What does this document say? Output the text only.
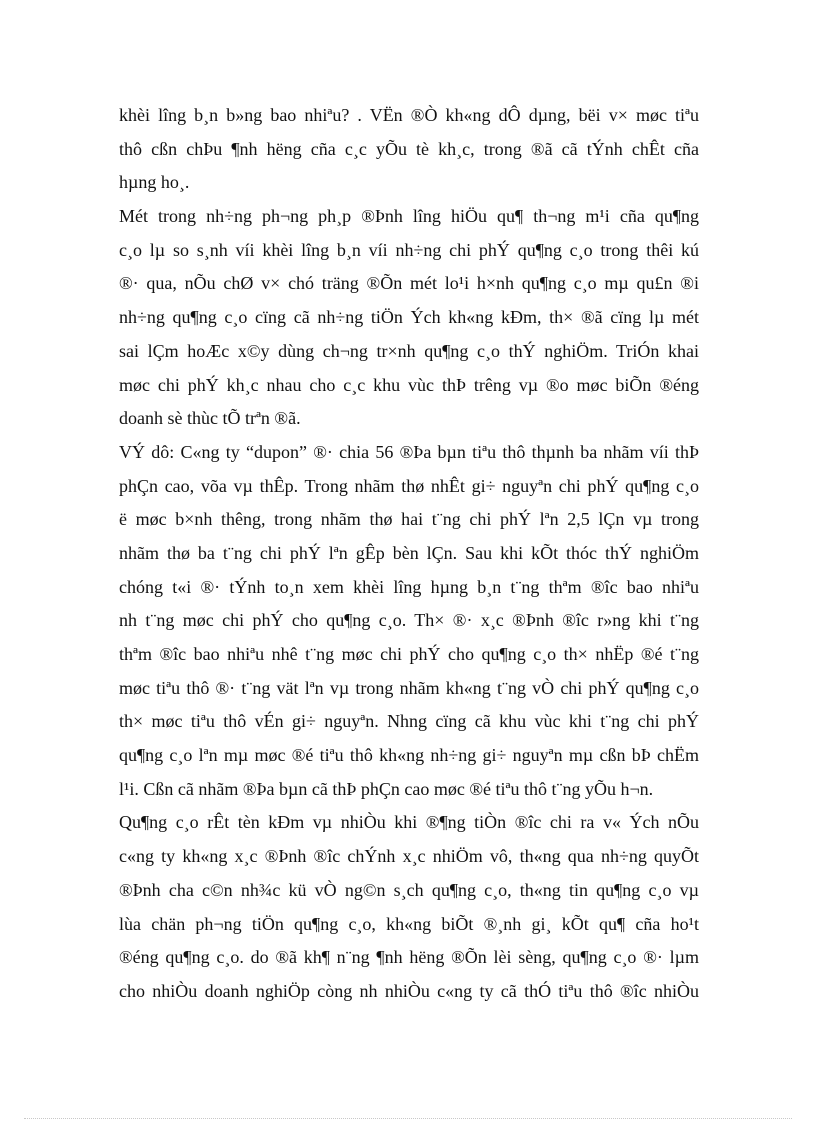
khèi lîng b¸n b»ng bao nhiªu? . VËn ®Ò kh«ng dÔ dµng, bëi v× møc tiªu
thô cßn chÞu ¶nh hëng cña c¸c yÕu tè kh¸c, trong ®ã cã tÝnh chÊt cña
hµng ho¸.
Mét trong nh÷ng ph¬ng ph¸p ®Þnh lîng hiÖu qu¶ th¬ng m¹i cña qu¶ng
c¸o lµ so s¸nh víi khèi lîng b¸n víi nh÷ng chi phÝ qu¶ng c¸o trong thêi kú
®· qua, nÕu chØ v× chó träng ®Õn mét lo¹i h×nh qu¶ng c¸o mµ qu£n ®i
nh÷ng qu¶ng c¸o cïng cã nh÷ng tiÖn Ých kh«ng kÐm, th× ®ã cïng lµ mét
sai lÇm hoÆc x©y dùng ch¬ng tr×nh qu¶ng c¸o thÝ nghiÖm. TriÓn khai
møc chi phÝ kh¸c nhau cho c¸c khu vùc thÞ trêng vµ ®o møc biÕn ®éng
doanh sè thùc tÕ trªn ®ã.
VÝ dô: C«ng ty “dupon” ®· chia 56 ®Þa bµn tiªu thô thµnh ba nhãm víi thÞ
phÇn cao, võa vµ thÊp. Trong nhãm thø nhÊt gi÷ nguyªn chi phÝ qu¶ng c¸o
ë møc b×nh thêng, trong nhãm thø hai t¨ng chi phÝ lªn 2,5 lÇn vµ trong
nhãm thø ba t¨ng chi phÝ lªn gÊp bèn lÇn. Sau khi kÕt thóc thÝ nghiÖm
chóng t«i ®· tÝnh to¸n xem khèi lîng hµng b¸n t¨ng thªm ®îc bao nhiªu
nh t¨ng møc chi phÝ cho qu¶ng c¸o. Th× ®· x¸c ®Þnh ®îc r»ng khi t¨ng
thªm ®îc bao nhiªu nhê t¨ng møc chi phÝ cho qu¶ng c¸o th× nhËp ®é t¨ng
møc tiªu thô ®· t¨ng vät lªn vµ trong nhãm kh«ng t¨ng vÒ chi phÝ qu¶ng c¸o
th× møc tiªu thô vÉn gi÷ nguyªn. Nhng cïng cã khu vùc khi t¨ng chi phÝ
qu¶ng c¸o lªn mµ møc ®é tiªu thô kh«ng nh÷ng gi÷ nguyªn mµ cßn bÞ chËm
l¹i. Cßn cã nhãm ®Þa bµn cã thÞ phÇn cao møc ®é tiªu thô t¨ng yÕu h¬n.
Qu¶ng c¸o rÊt tèn kÐm vµ nhiÒu khi ®¶ng tiÒn ®îc chi ra v« Ých nÕu
c«ng ty kh«ng x¸c ®Þnh ®îc chÝnh x¸c nhiÖm vô, th«ng qua nh÷ng quyÕt
®Þnh cha c©n nh¾c kü vÒ ng©n s¸ch qu¶ng c¸o, th«ng tin qu¶ng c¸o vµ
lùa chän ph¬ng tiÖn qu¶ng c¸o, kh«ng biÕt ®¸nh gi¸ kÕt qu¶ cña ho¹t
®éng qu¶ng c¸o. do ®ã kh¶ n¨ng ¶nh hëng ®Õn lèi sèng, qu¶ng c¸o ®· lµm
cho nhiÒu doanh nghiÖp còng nh nhiÒu c«ng ty cã thÓ tiªu thô ®îc nhiÒu
